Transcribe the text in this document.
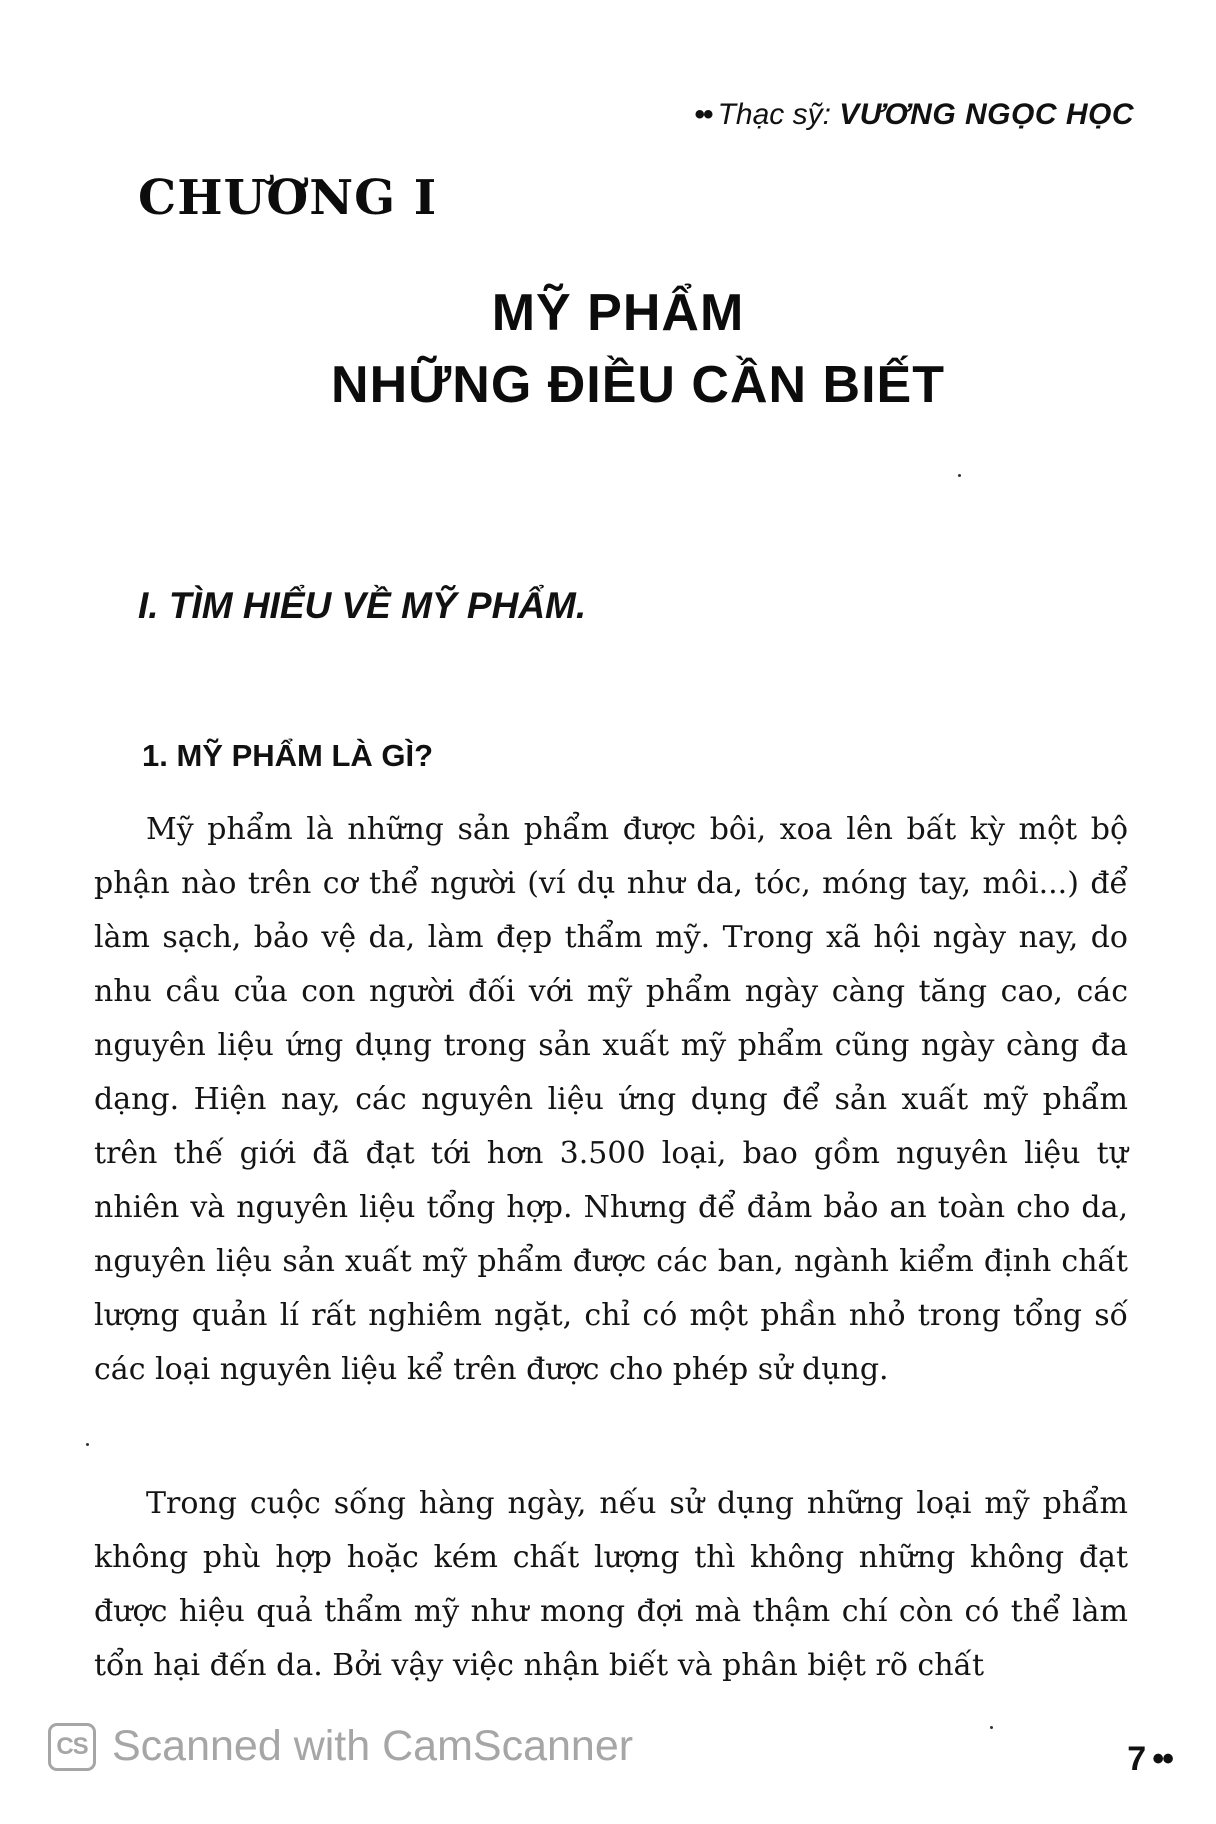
•• Thạc sỹ: VƯƠNG NGỌC HỌC
CHƯƠNG I
MỸ PHẨM
NHỮNG ĐIỀU CẦN BIẾT
I. TÌM HIỂU VỀ MỸ PHẨM.
1. MỸ PHẨM LÀ GÌ?

Mỹ phẩm là những sản phẩm được bôi, xoa lên bất kỳ một bộ phận nào trên cơ thể người (ví dụ như da, tóc, móng tay, môi...) để làm sạch, bảo vệ da, làm đẹp thẩm mỹ. Trong xã hội ngày nay, do nhu cầu của con người đối với mỹ phẩm ngày càng tăng cao, các nguyên liệu ứng dụng trong sản xuất mỹ phẩm cũng ngày càng đa dạng. Hiện nay, các nguyên liệu ứng dụng để sản xuất mỹ phẩm trên thế giới đã đạt tới hơn 3.500 loại, bao gồm nguyên liệu tự nhiên và nguyên liệu tổng hợp. Nhưng để đảm bảo an toàn cho da, nguyên liệu sản xuất mỹ phẩm được các ban, ngành kiểm định chất lượng quản lí rất nghiêm ngặt, chỉ có một phần nhỏ trong tổng số các loại nguyên liệu kể trên được cho phép sử dụng.

Trong cuộc sống hàng ngày, nếu sử dụng những loại mỹ phẩm không phù hợp hoặc kém chất lượng thì không những không đạt được hiệu quả thẩm mỹ như mong đợi mà thậm chí còn có thể làm tổn hại đến da. Bởi vậy việc nhận biết và phân biệt rõ chất

CS Scanned with CamScanner	7 ••
